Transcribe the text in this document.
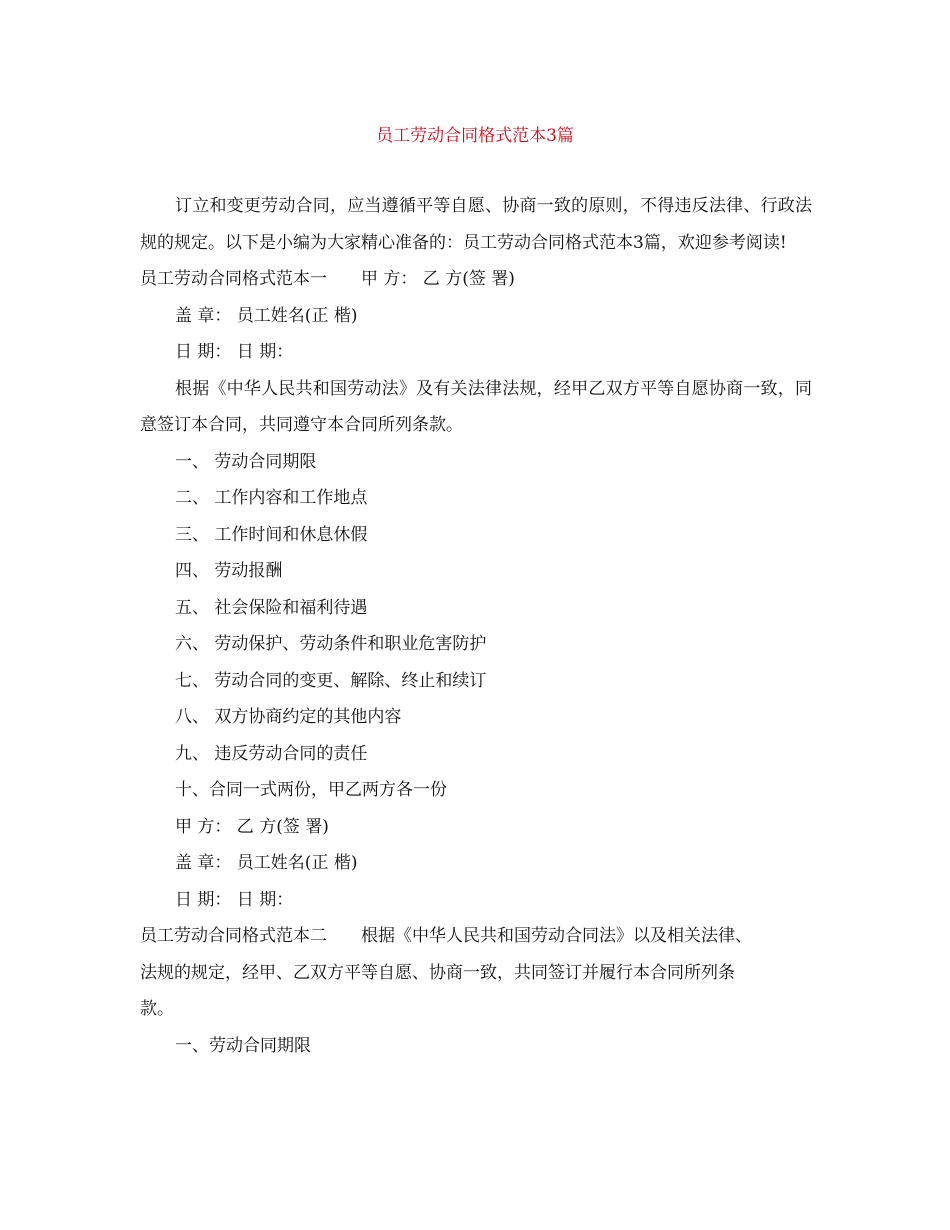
员工劳动合同格式范本3篇

订立和变更劳动合同，应当遵循平等自愿、协商一致的原则，不得违反法律、行政法规的规定。以下是小编为大家精心准备的：员工劳动合同格式范本3篇，欢迎参考阅读!

员工劳动合同格式范本一 甲 方： 乙 方(签 署)

盖 章： 员工姓名(正 楷)

日 期： 日 期：

根据《中华人民共和国劳动法》及有关法律法规，经甲乙双方平等自愿协商一致，同意签订本合同，共同遵守本合同所列条款。

一、 劳动合同期限

二、 工作内容和工作地点

三、 工作时间和休息休假

四、 劳动报酬

五、 社会保险和福利待遇

六、 劳动保护、劳动条件和职业危害防护

七、 劳动合同的变更、解除、终止和续订

八、 双方协商约定的其他内容

九、 违反劳动合同的责任

十、合同一式两份，甲乙两方各一份

甲 方： 乙 方(签 署)

盖 章： 员工姓名(正 楷)

日 期： 日 期：

员工劳动合同格式范本二 根据《中华人民共和国劳动合同法》以及相关法律、

法规的规定，经甲、乙双方平等自愿、协商一致，共同签订并履行本合同所列条

款。

一、劳动合同期限
